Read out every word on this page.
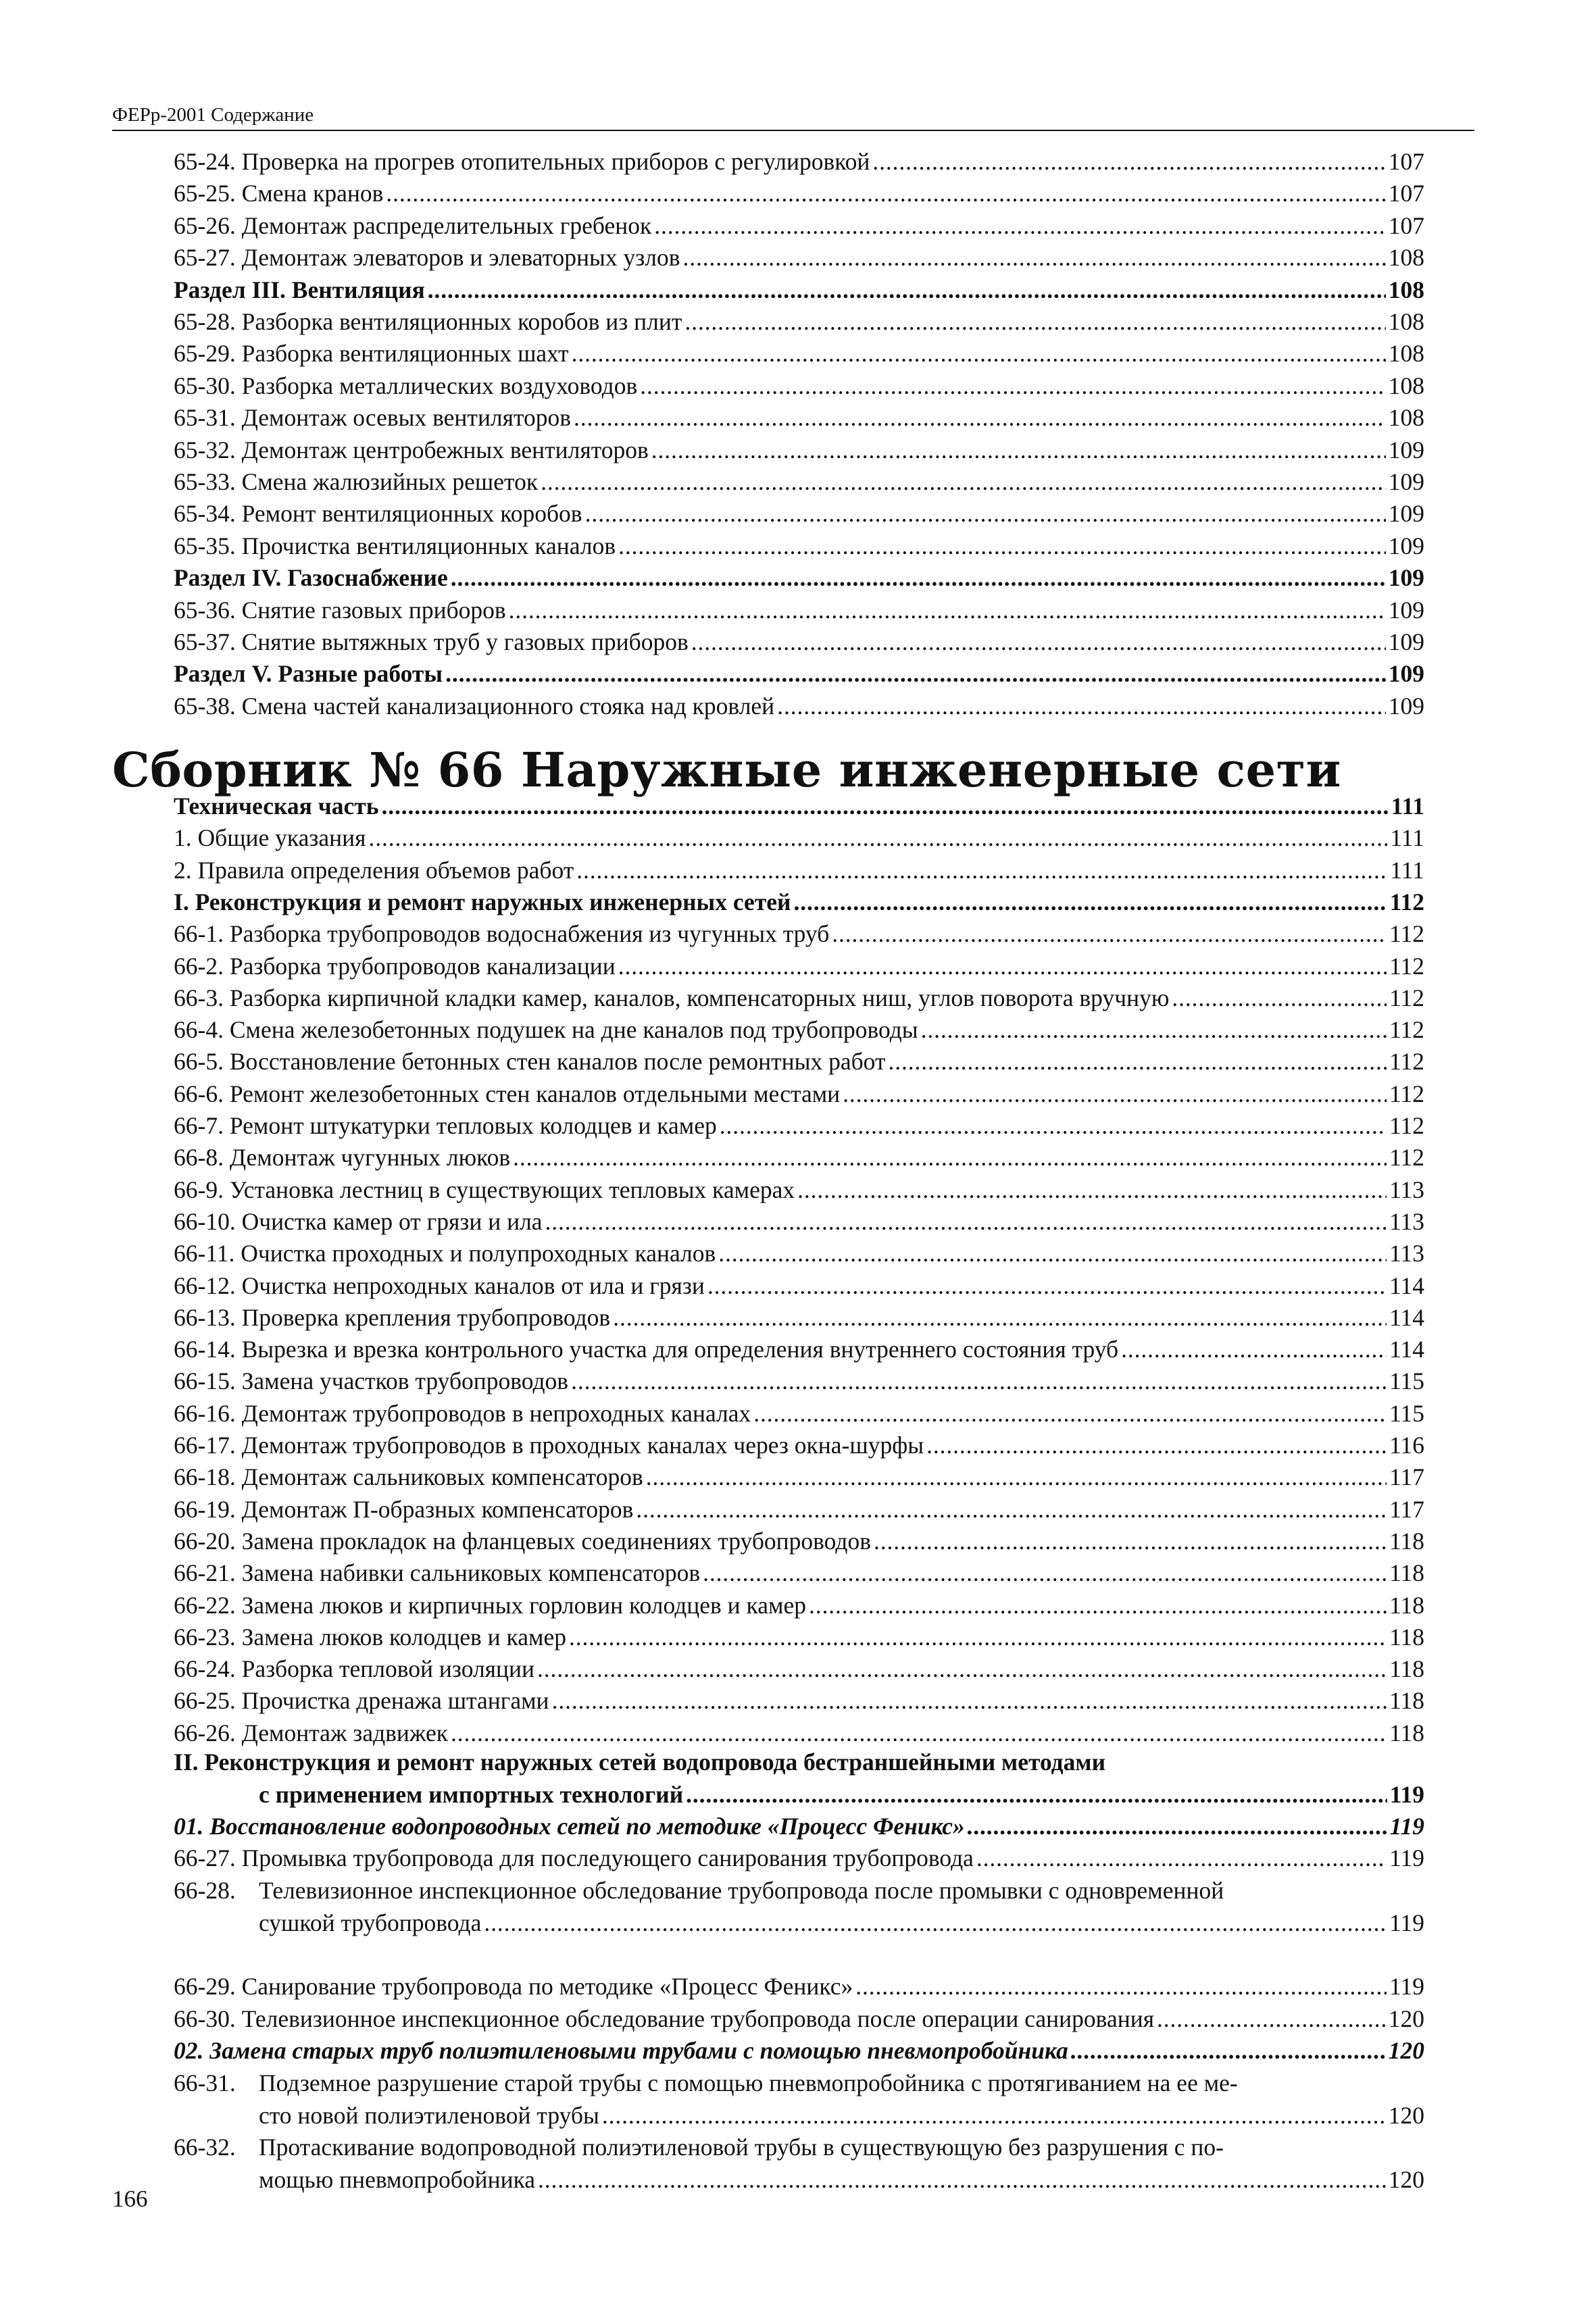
ФЕРр-2001 Содержание
65-24. Проверка на прогрев отопительных приборов с регулировкой . . .	107
65-25. Смена кранов . . .	107
65-26. Демонтаж распределительных гребенок . . .	107
65-27. Демонтаж элеваторов и элеваторных узлов . . .	108
Раздел III. Вентиляция . . .	108
65-28. Разборка вентиляционных коробов из плит . . .	108
65-29. Разборка вентиляционных шахт . . .	108
65-30. Разборка металлических воздуховодов . . .	108
65-31. Демонтаж осевых вентиляторов . . .	108
65-32. Демонтаж центробежных вентиляторов . . .	109
65-33. Смена жалюзийных решеток . . .	109
65-34. Ремонт вентиляционных коробов . . .	109
65-35. Прочистка вентиляционных каналов . . .	109
Раздел IV. Газоснабжение . . .	109
65-36. Снятие газовых приборов . . .	109
65-37. Снятие вытяжных труб у газовых приборов . . .	109
Раздел V. Разные работы . . .	109
65-38. Смена частей канализационного стояка над кровлей . . .	109
Техническая часть . . .	111
1. Общие указания . . .	111
2. Правила определения объемов работ . . .	111
I. Реконструкция и ремонт наружных инженерных сетей . . .	112
66-1. Разборка трубопроводов водоснабжения из чугунных труб . . .	112
66-2. Разборка трубопроводов канализации . . .	112
66-3. Разборка кирпичной кладки камер, каналов, компенсаторных ниш, углов поворота вручную . . .	112
66-4. Смена железобетонных подушек на дне каналов под трубопроводы . . .	112
66-5. Восстановление бетонных стен каналов после ремонтных работ . . .	112
66-6. Ремонт железобетонных стен каналов отдельными местами . . .	112
66-7. Ремонт штукатурки тепловых колодцев и камер . . .	112
66-8. Демонтаж чугунных люков . . .	112
66-9. Установка лестниц в существующих тепловых камерах . . .	113
66-10. Очистка камер от грязи и ила . . .	113
66-11. Очистка проходных и полупроходных каналов . . .	113
66-12. Очистка непроходных каналов от ила и грязи . . .	114
66-13. Проверка крепления трубопроводов . . .	114
66-14. Вырезка и врезка контрольного участка для определения внутреннего состояния труб . . .	114
66-15. Замена участков трубопроводов . . .	115
66-16. Демонтаж трубопроводов в непроходных каналах . . .	115
66-17. Демонтаж трубопроводов в проходных каналах через окна-шурфы . . .	116
66-18. Демонтаж сальниковых компенсаторов . . .	117
66-19. Демонтаж П-образных компенсаторов . . .	117
66-20. Замена прокладок на фланцевых соединениях трубопроводов . . .	118
66-21. Замена набивки сальниковых компенсаторов . . .	118
66-22. Замена люков и кирпичных горловин колодцев и камер . . .	118
66-23. Замена люков колодцев и камер . . .	118
66-24. Разборка тепловой изоляции . . .	118
66-25. Прочистка дренажа штангами . . .	118
66-26. Демонтаж задвижек . . .	118
II. Реконструкция и ремонт наружных сетей водопровода бестраншейными методами
с применением импортных технологий . . .	119
01. Восстановление водопроводных сетей по методике «Процесс Феникс» . . .	119
66-27. Промывка трубопровода для последующего санирования трубопровода . . .	119
66-28. Телевизионное инспекционное обследование трубопровода после промывки с одновременной
сушкой трубопровода . . .	119
66-29. Санирование трубопровода по методике «Процесс Феникс» . . .	119
66-30. Телевизионное инспекционное обследование трубопровода после операции санирования . . .	120
02. Замена старых труб полиэтиленовыми трубами с помощью пневмопробойника . . .	120
66-31. Подземное разрушение старой трубы с помощью пневмопробойника с протягиванием на ее ме-
сто новой полиэтиленовой трубы . . .	120
66-32. Протаскивание водопроводной полиэтиленовой трубы в существующую без разрушения с по-
мощью пневмопробойника . . .	120
Сборник № 66 Наружные инженерные сети
166
